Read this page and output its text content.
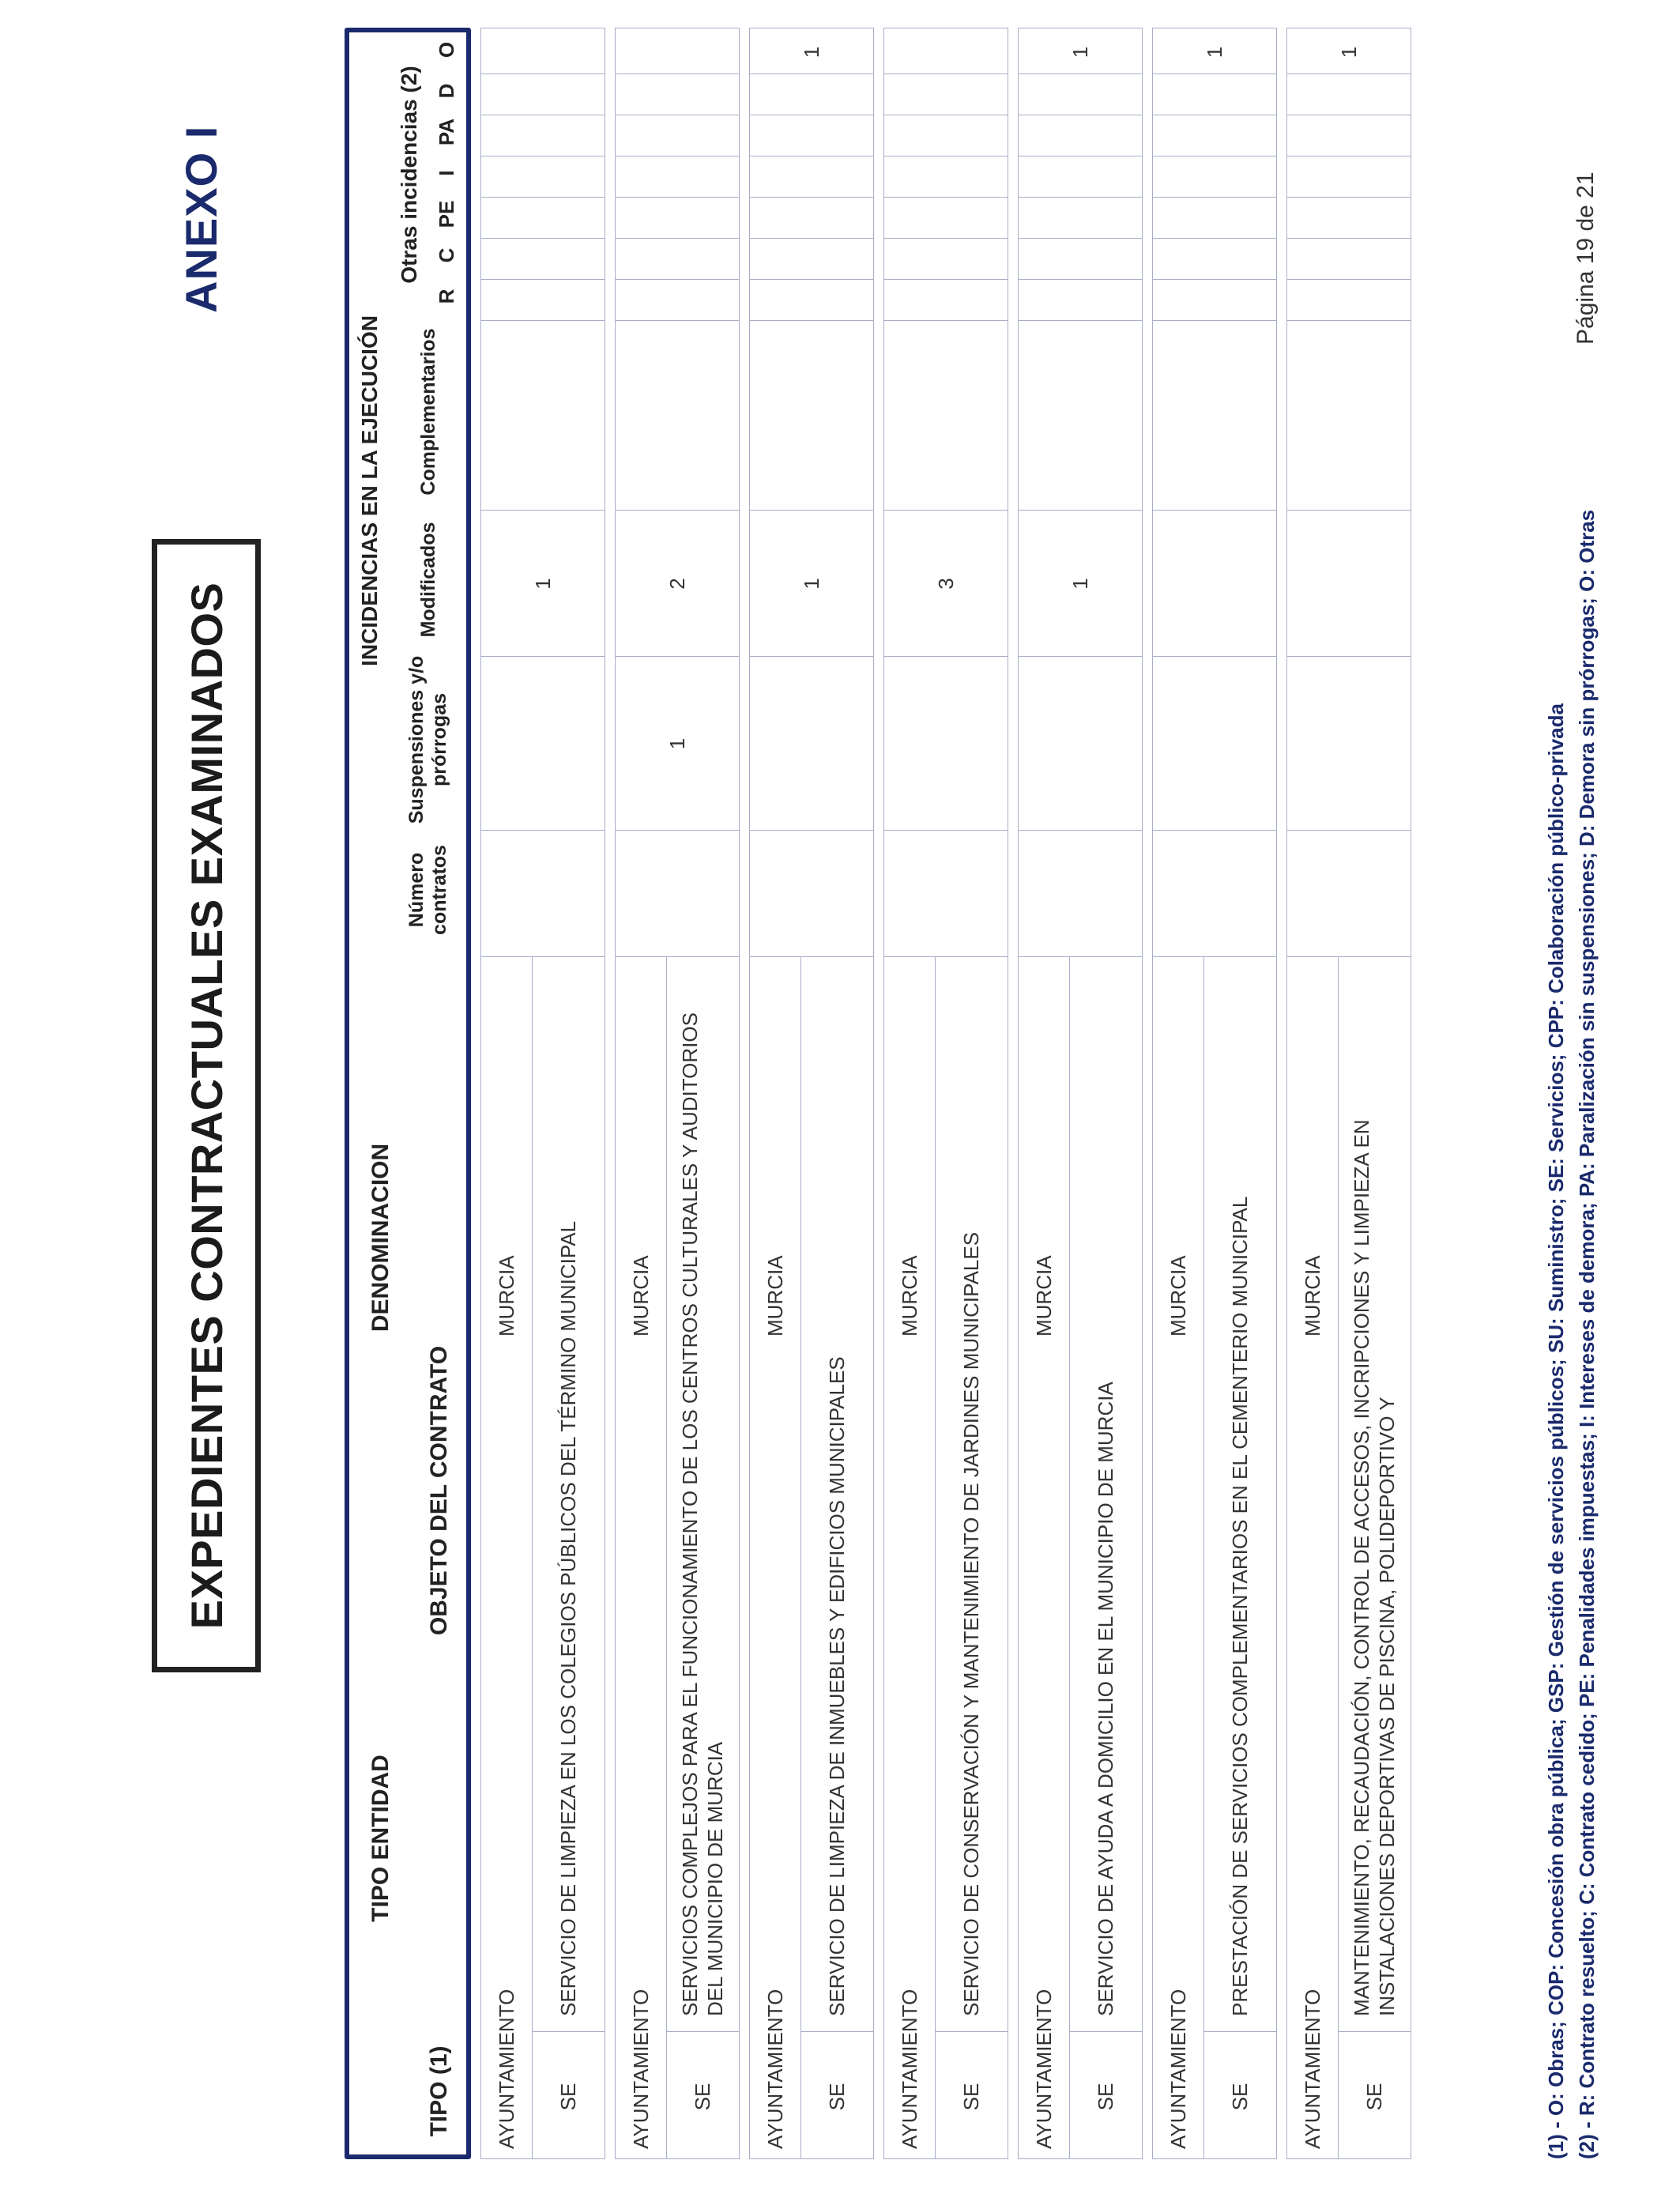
EXPEDIENTES CONTRACTUALES EXAMINADOS
ANEXO I
TIPO ENTIDAD
DENOMINACION
TIPO (1)
OBJETO DEL CONTRATO
INCIDENCIAS EN LA EJECUCIÓN
Número contratos
Suspensiones y/o prórrogas
Modificados
Complementarios
Otras incidencias (2)
R
C
PE
I
PA
D
O
AYUNTAMIENTO
MURCIA
SE
SERVICIO DE LIMPIEZA EN LOS COLEGIOS PÚBLICOS DEL TÉRMINO MUNICIPAL
1
AYUNTAMIENTO
MURCIA
SE
SERVICIOS COMPLEJOS PARA EL FUNCIONAMIENTO DE LOS CENTROS CULTURALES Y AUDITORIOS DEL MUNICIPIO DE MURCIA
1
2
AYUNTAMIENTO
MURCIA
SE
SERVICIO DE LIMPIEZA DE INMUEBLES Y EDIFICIOS MUNICIPALES
1
1
AYUNTAMIENTO
MURCIA
SE
SERVICIO DE CONSERVACIÓN Y MANTENIMIENTO DE JARDINES MUNICIPALES
3
AYUNTAMIENTO
MURCIA
SE
SERVICIO DE AYUDA A DOMICILIO EN EL MUNICIPIO DE MURCIA
1
1
AYUNTAMIENTO
MURCIA
SE
PRESTACIÓN DE SERVICIOS COMPLEMENTARIOS EN EL CEMENTERIO MUNICIPAL
1
AYUNTAMIENTO
MURCIA
SE
MANTENIMIENTO, RECAUDACIÓN, CONTROL DE ACCESOS, INCRIPCIONES Y LIMPIEZA EN INSTALACIONES DEPORTIVAS DE PISCINA, POLIDEPORTIVO Y
1
(1) - O: Obras; COP: Concesión obra pública; GSP: Gestión de servicios públicos; SU: Suministro; SE: Servicios; CPP: Colaboración público-privada (2) - R: Contrato resuelto; C: Contrato cedido; PE: Penalidades impuestas; I: Intereses de demora; PA: Paralización sin suspensiones; D: Demora sin prórrogas; O: Otras
Página 19 de 21
